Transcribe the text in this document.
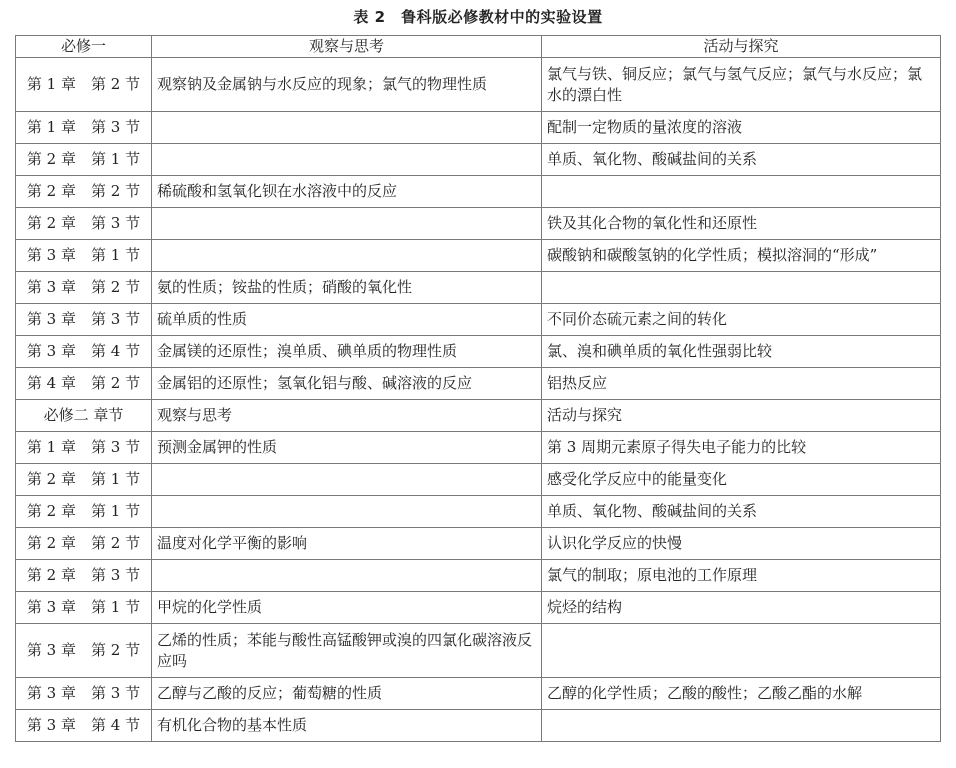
表 2　鲁科版必修教材中的实验设置
必修一	观察与思考	活动与探究
第 1 章　第 2 节	观察钠及金属钠与水反应的现象；氯气的物理性质	氯气与铁、铜反应；氯气与氢气反应；氯气与水反应；氯水的漂白性
第 1 章　第 3 节		配制一定物质的量浓度的溶液
第 2 章　第 1 节		单质、氧化物、酸碱盐间的关系
第 2 章　第 2 节	稀硫酸和氢氧化钡在水溶液中的反应	
第 2 章　第 3 节		铁及其化合物的氧化性和还原性
第 3 章　第 1 节		碳酸钠和碳酸氢钠的化学性质；模拟溶洞的“形成”
第 3 章　第 2 节	氨的性质；铵盐的性质；硝酸的氧化性	
第 3 章　第 3 节	硫单质的性质	不同价态硫元素之间的转化
第 3 章　第 4 节	金属镁的还原性；溴单质、碘单质的物理性质	氯、溴和碘单质的氧化性强弱比较
第 4 章　第 2 节	金属铝的还原性；氢氧化铝与酸、碱溶液的反应	铝热反应
必修二 章节	观察与思考	活动与探究
第 1 章　第 3 节	预测金属钾的性质	第 3 周期元素原子得失电子能力的比较
第 2 章　第 1 节		感受化学反应中的能量变化
第 2 章　第 1 节		单质、氧化物、酸碱盐间的关系
第 2 章　第 2 节	温度对化学平衡的影响	认识化学反应的快慢
第 2 章　第 3 节		氯气的制取；原电池的工作原理
第 3 章　第 1 节	甲烷的化学性质	烷烃的结构
第 3 章　第 2 节	乙烯的性质；苯能与酸性高锰酸钾或溴的四氯化碳溶液反应吗	
第 3 章　第 3 节	乙醇与乙酸的反应；葡萄糖的性质	乙醇的化学性质；乙酸的酸性；乙酸乙酯的水解
第 3 章　第 4 节	有机化合物的基本性质	
